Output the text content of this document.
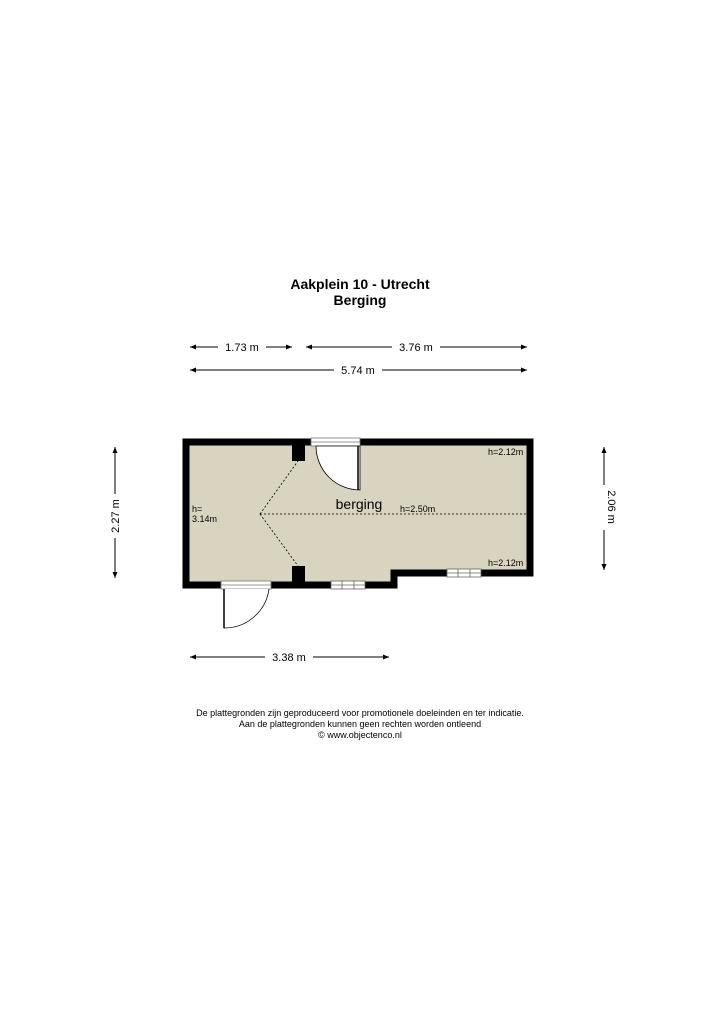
Aakplein 10 - Utrecht
Berging
1.73 m	3.76 m
5.74 m
2.27 m	2.06 m
berging h=2.50m
h=
3.14m
h=2.12m
h=2.12m
3.38 m
De plattegronden zijn geproduceerd voor promotionele doeleinden en ter indicatie.
Aan de plattegronden kunnen geen rechten worden ontleend
© www.objectenco.nl
